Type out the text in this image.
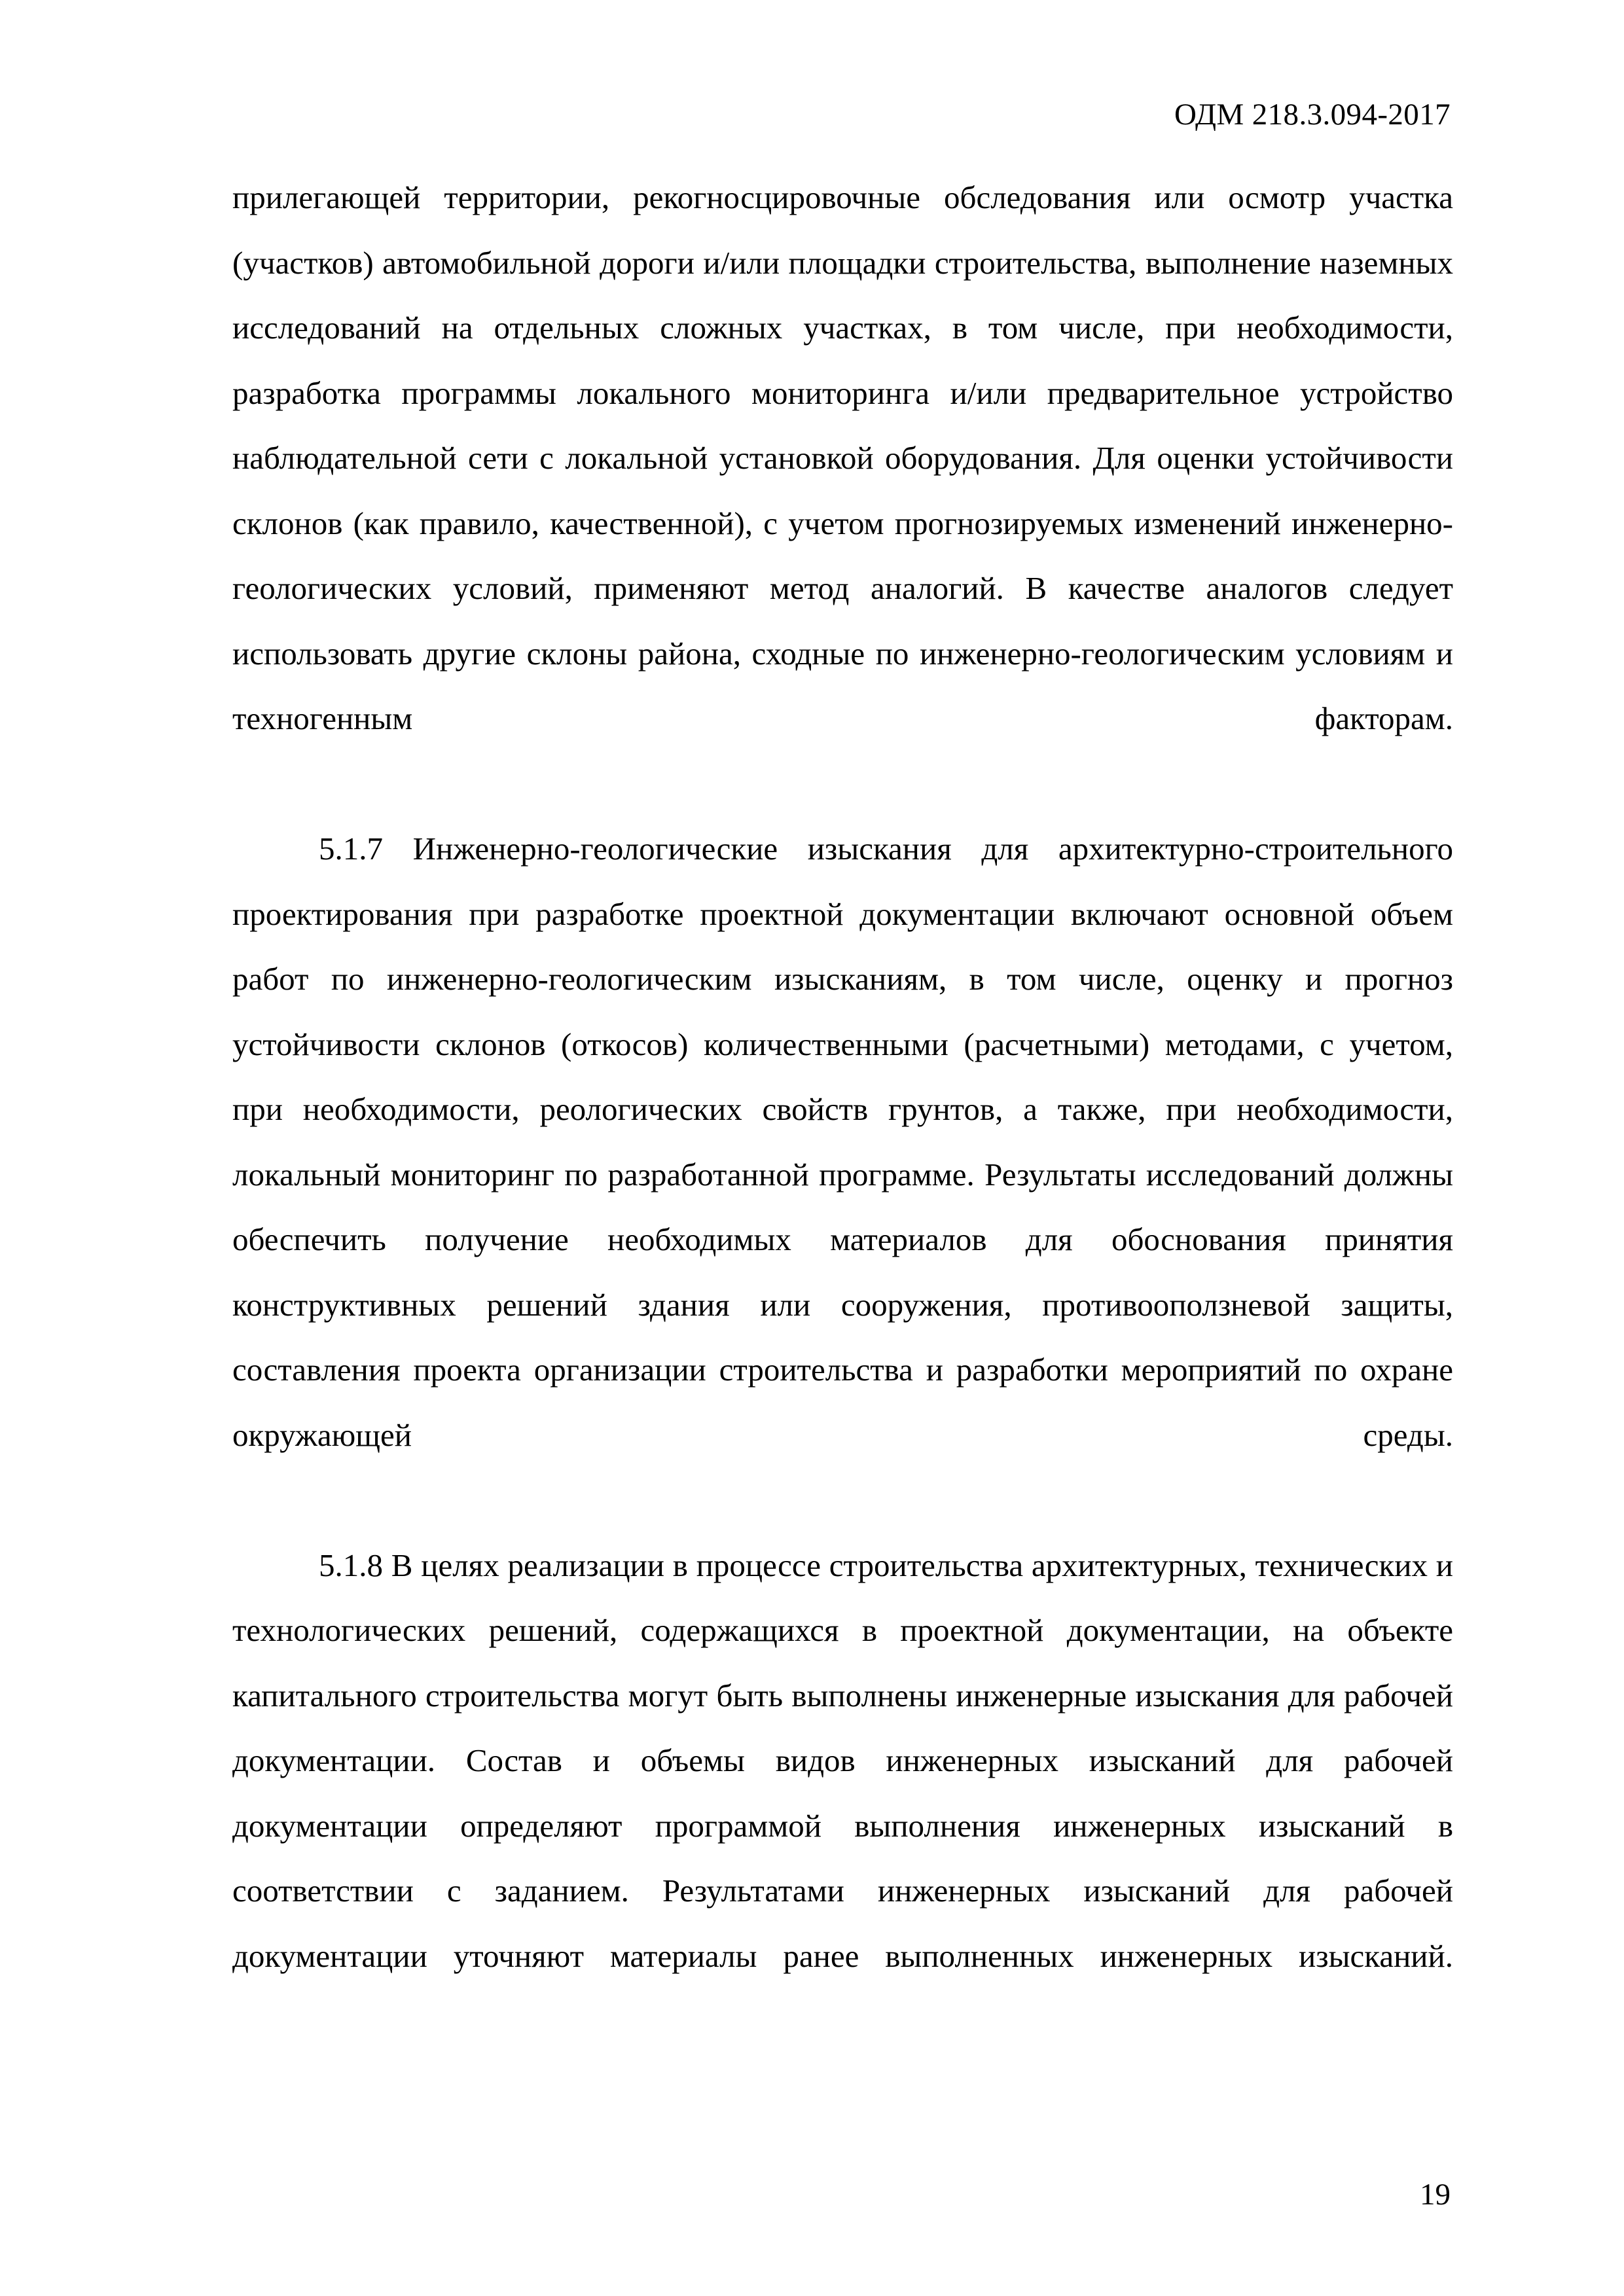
ОДМ 218.3.094-2017

прилегающей территории, рекогносцировочные обследования или осмотр участка (участков) автомобильной дороги и/или площадки строительства, выполнение наземных исследований на отдельных сложных участках, в том числе, при необходимости, разработка программы локального мониторинга и/или предварительное устройство наблюдательной сети с локальной установкой оборудования. Для оценки устойчивости склонов (как правило, качественной), с учетом прогнозируемых изменений инженерно-геологических условий, применяют метод аналогий. В качестве аналогов следует использовать другие склоны района, сходные по инженерно-геологическим условиям и техногенным факторам.

5.1.7 Инженерно-геологические изыскания для архитектурно-строительного проектирования при разработке проектной документации включают основной объем работ по инженерно-геологическим изысканиям, в том числе, оценку и прогноз устойчивости склонов (откосов) количественными (расчетными) методами, с учетом, при необходимости, реологических свойств грунтов, а также, при необходимости, локальный мониторинг по разработанной программе. Результаты исследований должны обеспечить получение необходимых материалов для обоснования принятия конструктивных решений здания или сооружения, противооползневой защиты, составления проекта организации строительства и разработки мероприятий по охране окружающей среды.

5.1.8 В целях реализации в процессе строительства архитектурных, технических и технологических решений, содержащихся в проектной документации, на объекте капитального строительства могут быть выполнены инженерные изыскания для рабочей документации. Состав и объемы видов инженерных изысканий для рабочей документации определяют программой выполнения инженерных изысканий в соответствии с заданием. Результатами инженерных изысканий для рабочей документации уточняют материалы ранее выполненных инженерных изысканий.

19
